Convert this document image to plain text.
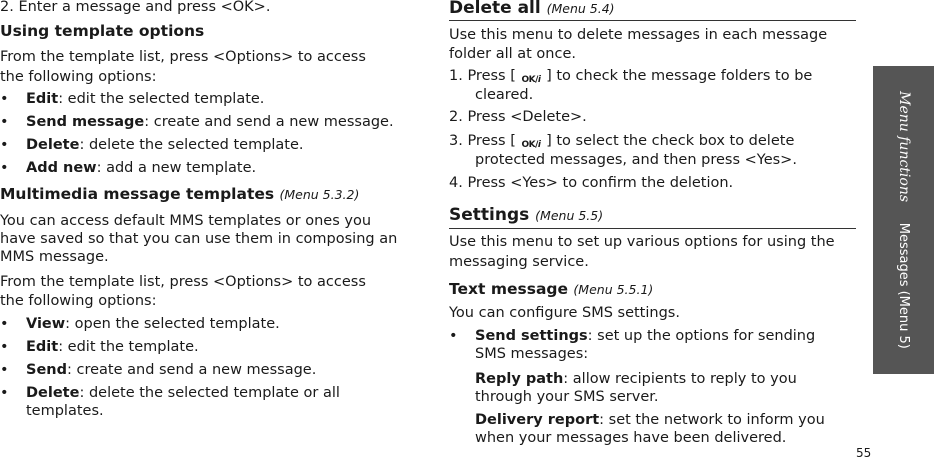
2. Enter a message and press <OK>.
Using template options
From the template list, press <Options> to access
the following options:
• Edit: edit the selected template.
• Send message: create and send a new message.
• Delete: delete the selected template.
• Add new: add a new template.
Multimedia message templates (Menu 5.3.2)
You can access default MMS templates or ones you
have saved so that you can use them in composing an
MMS message.
From the template list, press <Options> to access
the following options:
• View: open the selected template.
• Edit: edit the template.
• Send: create and send a new message.
• Delete: delete the selected template or all
templates.
Delete all (Menu 5.4)
Use this menu to delete messages in each message
folder all at once.
1. Press [ OK/i ] to check the message folders to be
cleared.
2. Press <Delete>.
3. Press [ OK/i ] to select the check box to delete
protected messages, and then press <Yes>.
4. Press <Yes> to confirm the deletion.
Settings (Menu 5.5)
Use this menu to set up various options for using the
messaging service.
Text message (Menu 5.5.1)
You can configure SMS settings.
• Send settings: set up the options for sending
SMS messages:
Reply path: allow recipients to reply to you
through your SMS server.
Delivery report: set the network to inform you
when your messages have been delivered.
Menu functions     Messages (Menu 5)
55
